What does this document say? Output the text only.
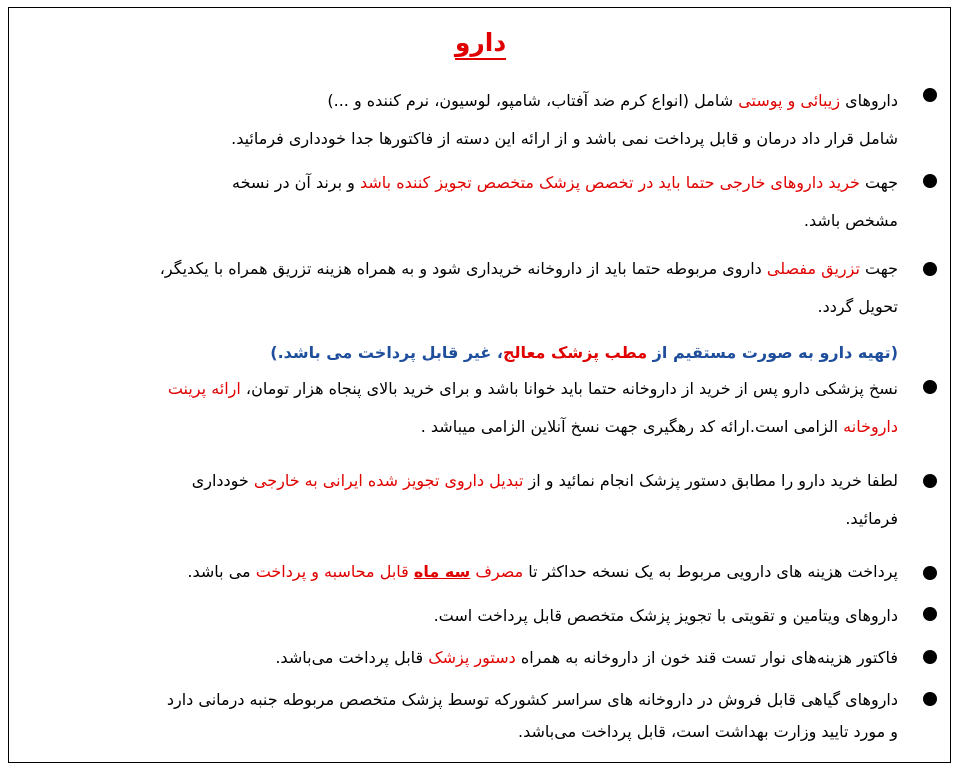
دارو
داروهای زیبائی و پوستی شامل (انواع کرم ضد آفتاب، شامپو، لوسیون، نرم کننده و ...)
شامل قرار داد درمان و قابل پرداخت نمی باشد و از ارائه این دسته از فاکتورها جدا خودداری فرمائید.
جهت خرید داروهای خارجی حتما باید در تخصص پزشک متخصص تجویز کننده باشد و برند آن در نسخه
مشخص باشد.
جهت تزریق مفصلی داروی مربوطه حتما باید از داروخانه خریداری شود و به همراه هزینه تزریق همراه با یکدیگر،
تحویل گردد.
نسخ پزشکی دارو پس از خرید از داروخانه حتما باید خوانا باشد و برای خرید بالای پنجاه هزار تومان، ارائه پرینت
داروخانه الزامی است.ارائه کد رهگیری جهت نسخ آنلاین الزامی میباشد .
لطفا خرید دارو را مطابق دستور پزشک انجام نمائید و از تبدیل داروی تجویز شده ایرانی به خارجی خودداری
فرمائید.
پرداخت هزینه های دارویی مربوط به یک نسخه حداکثر تا مصرف سه ماه قابل محاسبه و پرداخت می باشد.
داروهای ویتامین و تقویتی با تجویز پزشک متخصص قابل پرداخت است.
فاکتور هزینه‌های نوار تست قند خون از داروخانه به همراه دستور پزشک قابل پرداخت می‌باشد.
داروهای گیاهی قابل فروش در داروخانه های سراسر کشورکه توسط پزشک متخصص مربوطه جنبه درمانی دارد
و مورد تایید وزارت بهداشت است، قابل پرداخت می‌باشد.
(تهیه دارو به صورت مستقیم از مطب پزشک معالج، غیر قابل پرداخت می باشد.)
